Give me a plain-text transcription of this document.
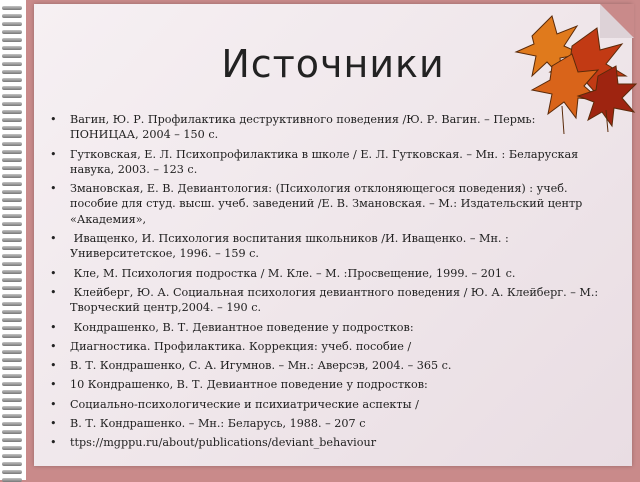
Источники
• Вагин, Ю. Р. Профилактика деструктивного поведения /Ю. Р. Вагин. – Пермь: ПОНИЦАА, 2004 – 150 с.
• Гутковская, Е. Л. Психопрофилактика в школе / Е. Л. Гутковская. – Мн. : Беларуская навука, 2003. – 123 с.
• Змановская, Е. В. Девиантология: (Психология отклоняющегося поведения) : учеб. пособие для студ. высш. учеб. заведений /Е. В. Змановская. – М.: Издательский центр «Академия»,
• Иващенко, И. Психология воспитания школьников /И. Иващенко. – Мн. : Университетское, 1996. – 159 с.
• Кле, М. Психология подростка / М. Кле. – М. :Просвещение, 1999. – 201 с.
• Клейберг, Ю. А. Социальная психология девиантного поведения / Ю. А. Клейберг. – М.: Творческий центр,2004. – 190 с.
• Кондрашенко, В. Т. Девиантное поведение у подростков:
• Диагностика. Профилактика. Коррекция: учеб. пособие /
• В. Т. Кондрашенко, С. А. Игумнов. – Мн.: Аверсэв, 2004. – 365 с.
• 10 Кондрашенко, В. Т. Девиантное поведение у подростков:
• Социально-психологические и психиатрические аспекты /
• В. Т. Кондрашенко. – Мн.: Беларусь, 1988. – 207 с
• ttps://mgppu.ru/about/publications/deviant_behaviour
